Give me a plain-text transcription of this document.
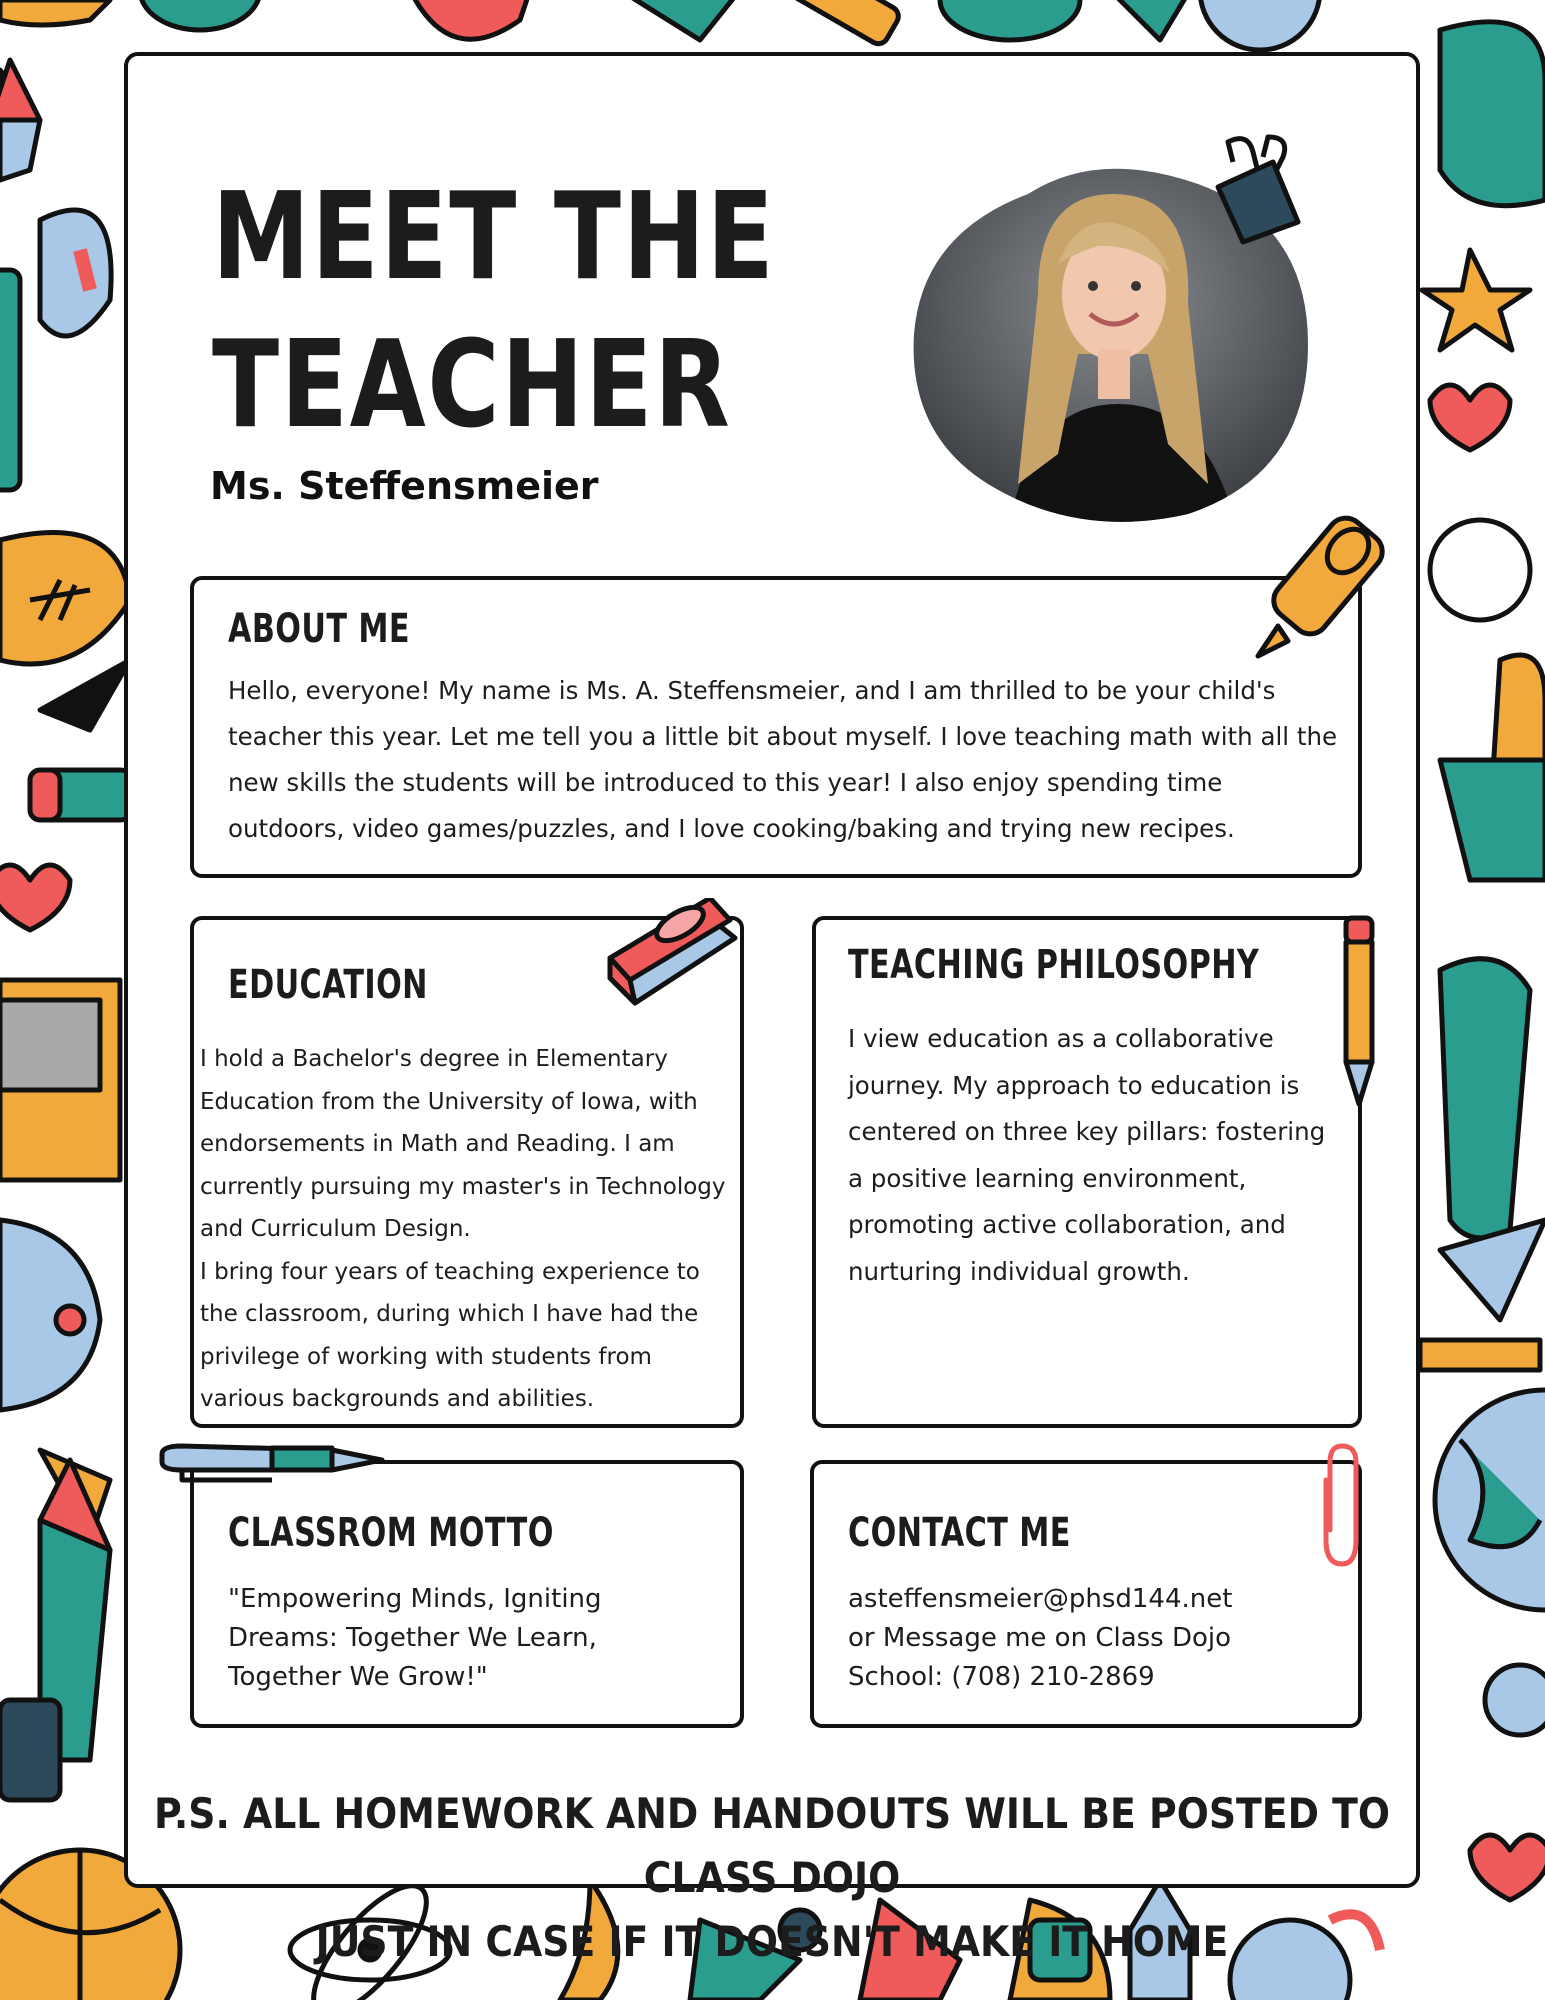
MEET THE
TEACHER
Ms. Steffensmeier
ABOUT ME

Hello, everyone! My name is Ms. A. Steffensmeier, and I am thrilled to be your child's teacher this year. Let me tell you a little bit about myself. I love teaching math with all the new skills the students will be introduced to this year! I also enjoy spending time outdoors, video games/puzzles, and I love cooking/baking and trying new recipes.

EDUCATION

I hold a Bachelor's degree in Elementary Education from the University of Iowa, with endorsements in Math and Reading. I am currently pursuing my master's in Technology and Curriculum Design.

I bring four years of teaching experience to the classroom, during which I have had the privilege of working with students from various backgrounds and abilities.

TEACHING PHILOSOPHY

I view education as a collaborative journey. My approach to education is centered on three key pillars: fostering a positive learning environment, promoting active collaboration, and nurturing individual growth.

CLASSROM MOTTO

"Empowering Minds, Igniting Dreams: Together We Learn, Together We Grow!"

CONTACT ME
asteffensmeier@phsd144.net
or Message me on Class Dojo
School: (708) 210-2869
P.S. ALL HOMEWORK AND HANDOUTS WILL BE POSTED TO CLASS DOJO
JUST IN CASE IF IT DOESN'T MAKE IT HOME
